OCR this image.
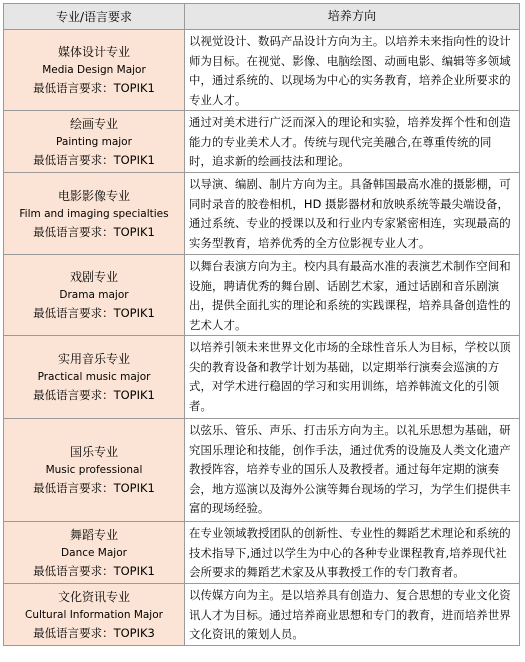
专业/语言要求	培养方向
媒体设计专业
Media Design Major
最低语言要求：TOPIK1
以视觉设计、数码产品设计方向为主。以培养未来指向性的设计师为目标。在视觉、影像、电脑绘图、动画电影、编辑等多领域中，通过系统的、以现场为中心的实务教育，培养企业所要求的专业人才。
绘画专业
Painting major
最低语言要求：TOPIK1
通过对美术进行广泛而深入的理论和实验，培养发挥个性和创造能力的专业美术人才。传统与现代完美融合,在尊重传统的同时，追求新的绘画技法和理论。
电影影像专业
Film and imaging specialties
最低语言要求：TOPIK1
以导演、编剧、制片方向为主。具备韩国最高水准的摄影棚，可同时录音的胶卷相机，HD 摄影器材和放映系统等最尖端设备，通过系统、专业的授课以及和行业内专家紧密相连，实现最高的实务型教育，培养优秀的全方位影视专业人才。
戏剧专业
Drama major
最低语言要求：TOPIK1
以舞台表演方向为主。校内具有最高水准的表演艺术制作空间和设施，聘请优秀的舞台剧、话剧艺术家，通过话剧和音乐剧演出，提供全面扎实的理论和系统的实践课程，培养具备创造性的艺术人才。
实用音乐专业
Practical music major
最低语言要求：TOPIK1
以培养引领未来世界文化市场的全球性音乐人为目标，学校以顶尖的教育设备和教学计划为基础，以定期举行演奏会巡演的方式，对学术进行稳固的学习和实用训练，培养韩流文化的引领者。
国乐专业
Music professional
最低语言要求：TOPIK1
以弦乐、管乐、声乐、打击乐方向为主。以礼乐思想为基础，研究国乐理论和技能，创作手法，通过优秀的设施及人类文化遗产教授阵容，培养专业的国乐人及教授者。通过每年定期的演奏会，地方巡演以及海外公演等舞台现场的学习，为学生们提供丰富的现场经验。
舞蹈专业
Dance Major
最低语言要求：TOPIK1
在专业领域教授团队的创新性、专业性的舞蹈艺术理论和系统的技术指导下,通过以学生为中心的各种专业课程教育,培养现代社会所要求的舞蹈艺术家及从事教授工作的专门教育者。
文化资讯专业
Cultural Information Major
最低语言要求：TOPIK3
以传媒方向为主。是以培养具有创造力、复合思想的专业文化资讯人才为目标。通过培养商业思想和专门的教育，进而培养世界文化资讯的策划人员。
